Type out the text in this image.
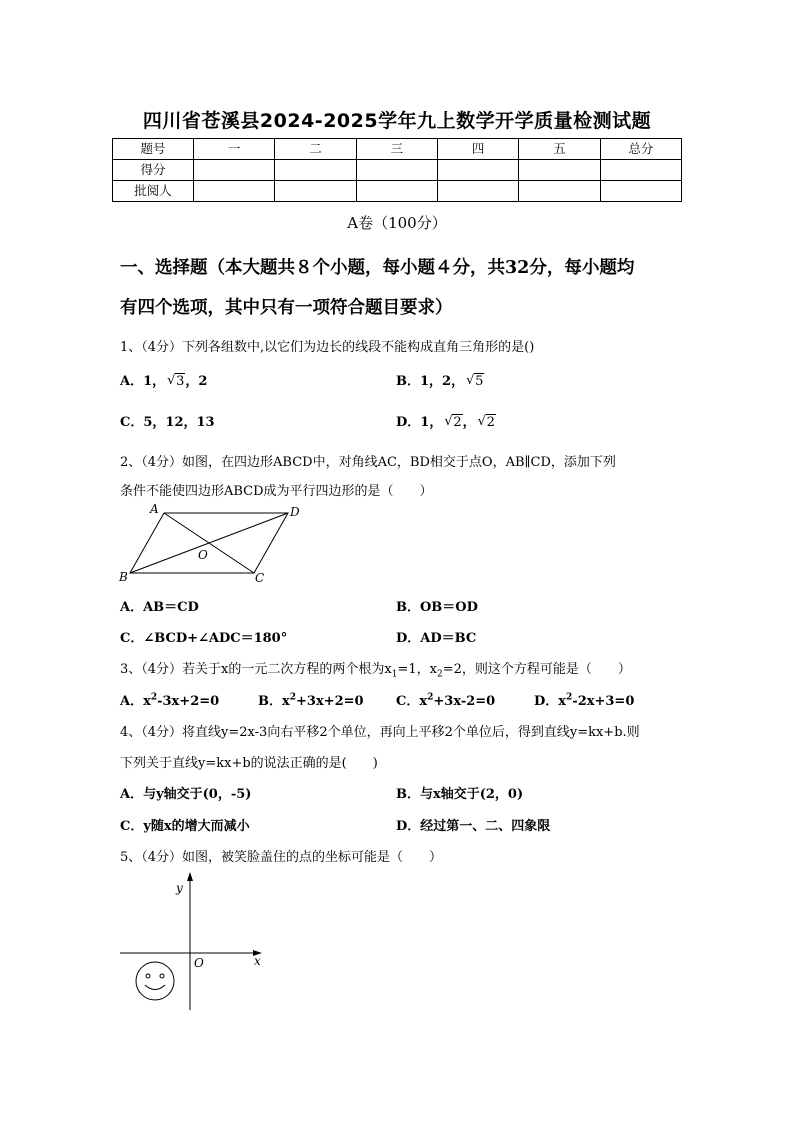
四川省苍溪县2024-2025学年九上数学开学质量检测试题
题号	一	二	三	四	五	总分
得分						
批阅人						
A卷（100分）
一、选择题（本大题共８个小题，每小题４分，共32分，每小题均
有四个选项，其中只有一项符合题目要求）
1、（4分）下列各组数中,以它们为边长的线段不能构成直角三角形的是()
A．1， √ 3，2	B．1，2， √ 5
C．5，12，13	D．1， √ 2， √ 2
2、（4分）如图，在四边形ABCD中，对角线AC，BD相交于点O，AB∥CD，添加下列
条件不能使四边形ABCD成为平行四边形的是（　　）
A	D
O
B	C
A．AB＝CD	B．OB＝OD
C．∠BCD+∠ADC＝180°	D．AD＝BC
3、（4分）若关于x的一元二次方程的两个根为$x_1=1$，$x_2=2$，则这个方程可能是（　　）
A．$x^2-3x+2=0$	B．$x^2+3x+2=0$ C．$x^2+3x-2=0$	D．$x^2-2x+3=0$
4、（4分）将直线y=2x-3向右平移2个单位，再向上平移2个单位后，得到直线y=kx+b.则
下列关于直线y=kx+b的说法正确的是(　　)
A．与y轴交于(0，-5)	B．与x轴交于(2，0)
C．y随x的增大而减小	D．经过第一、二、四象限
5、（4分）如图，被笑脸盖住的点的坐标可能是（　　）
y
x
O
